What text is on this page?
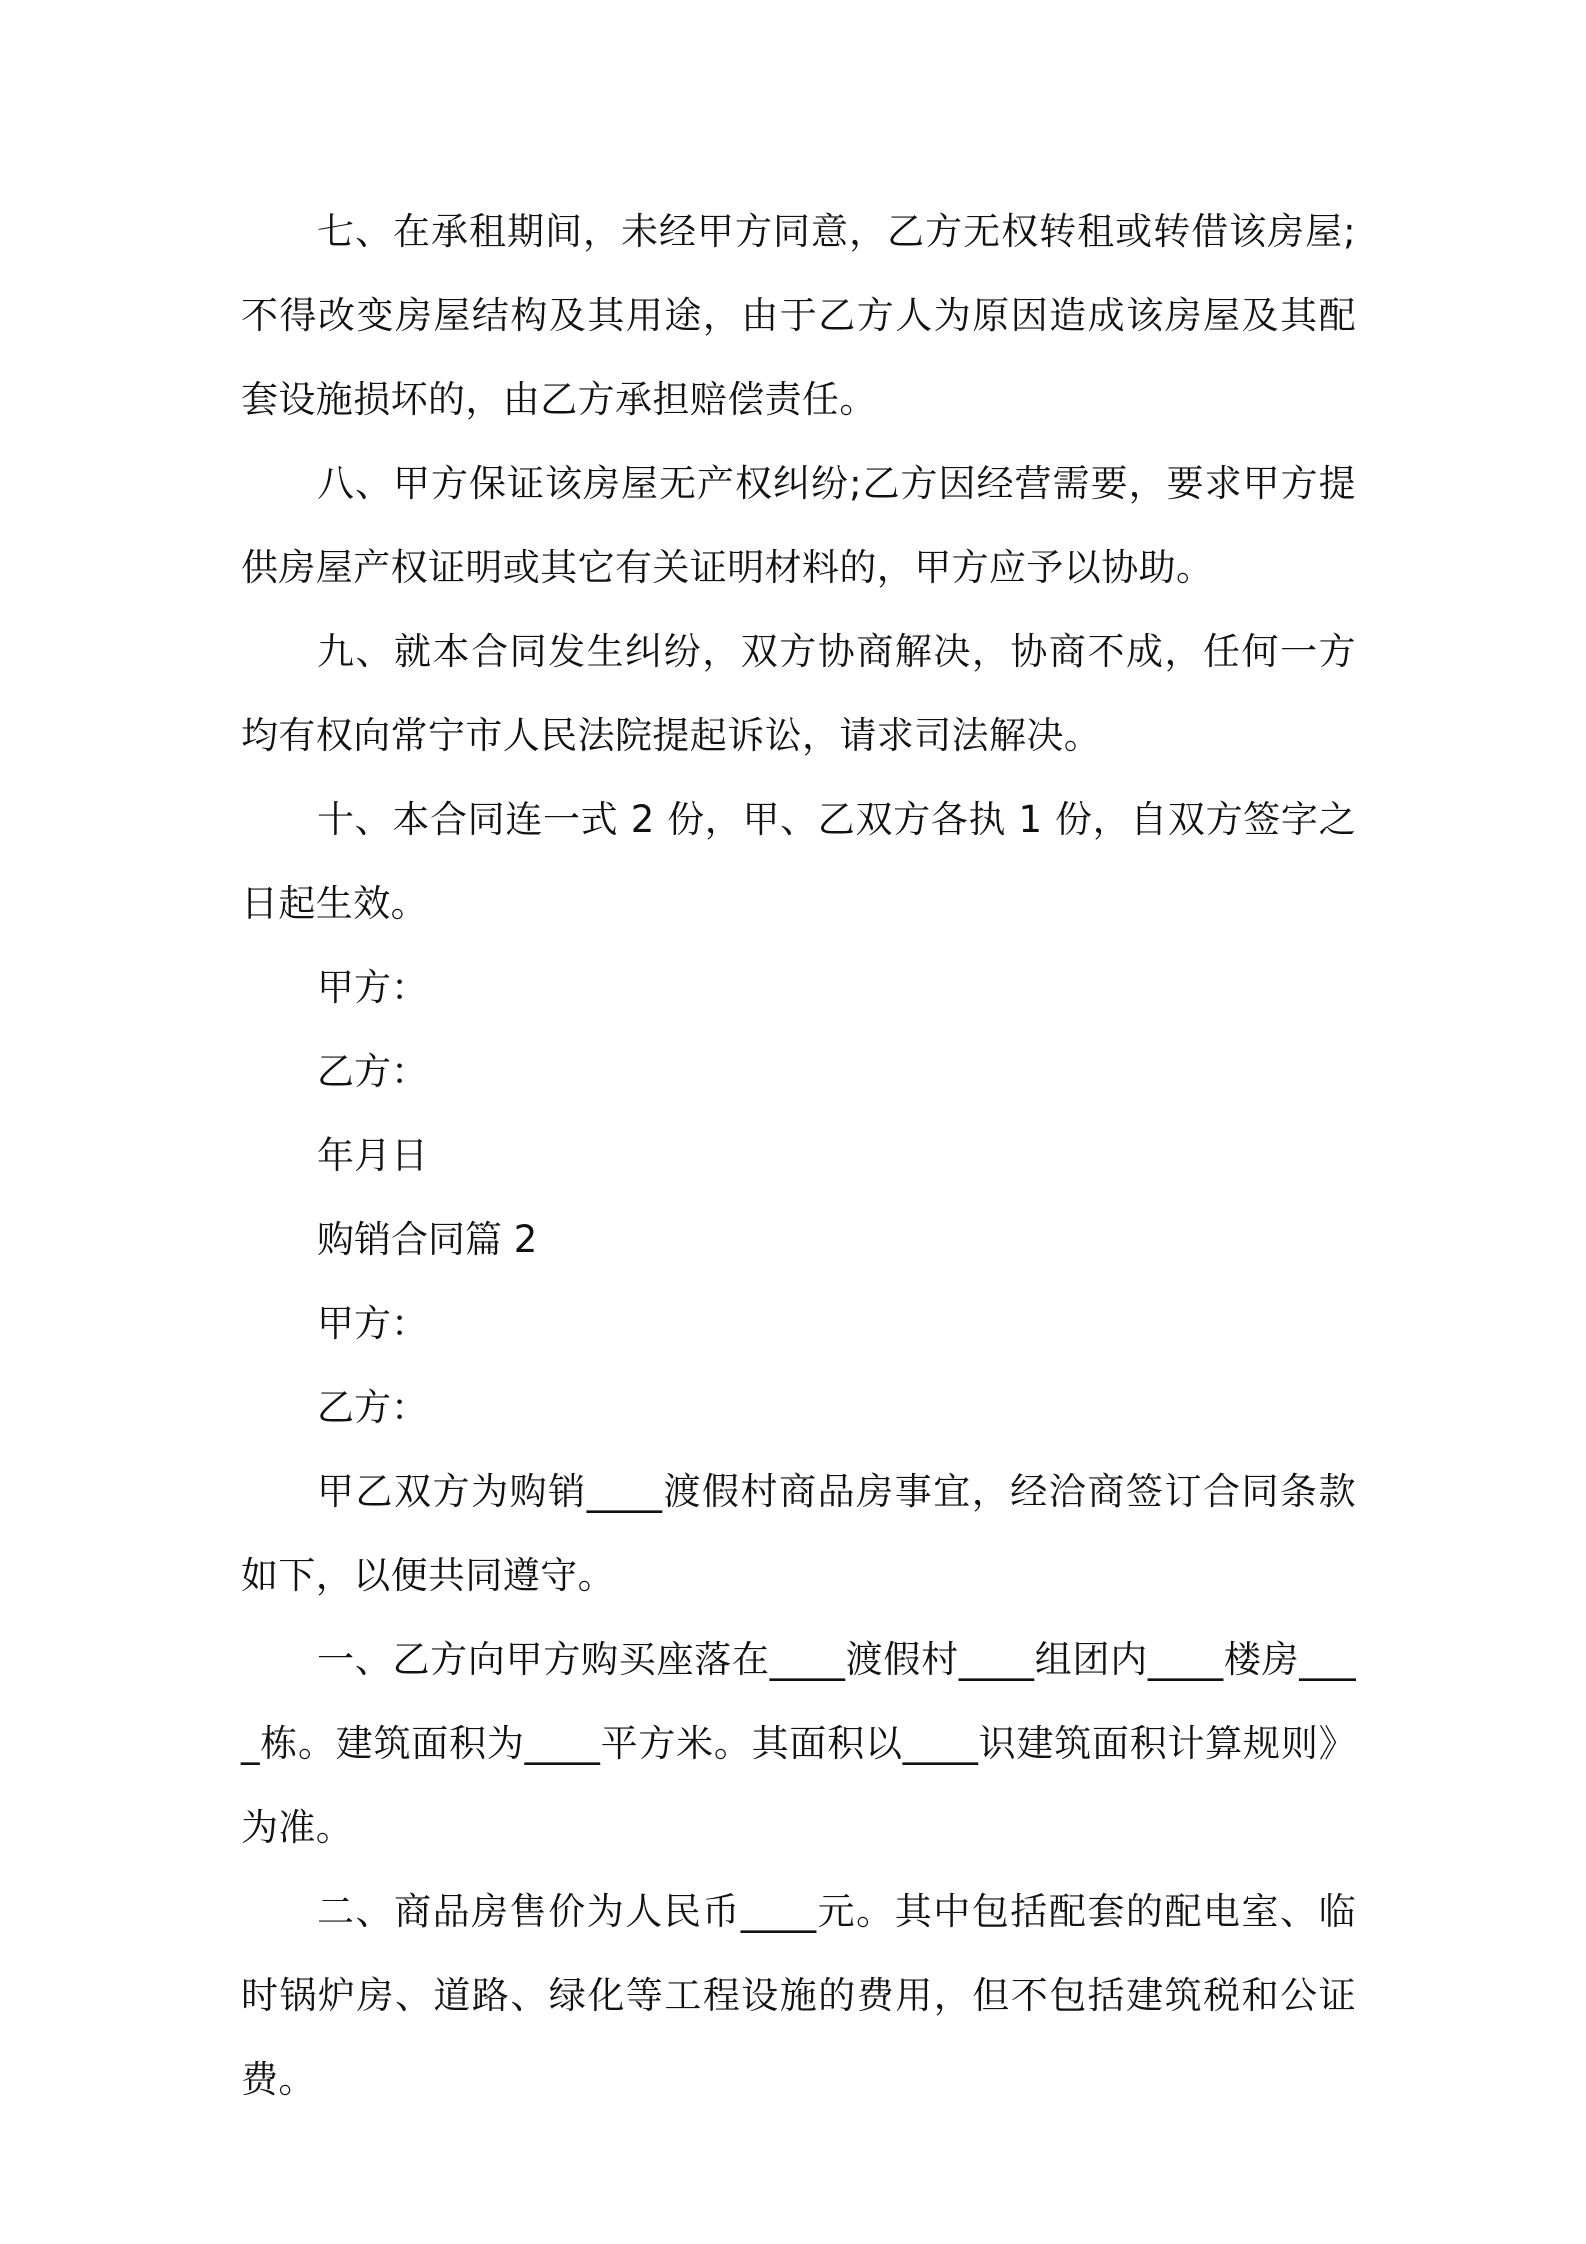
七、在承租期间，未经甲方同意，乙方无权转租或转借该房屋;不得改变房屋结构及其用途，由于乙方人为原因造成该房屋及其配套设施损坏的，由乙方承担赔偿责任。

八、甲方保证该房屋无产权纠纷;乙方因经营需要，要求甲方提供房屋产权证明或其它有关证明材料的，甲方应予以协助。

九、就本合同发生纠纷，双方协商解决，协商不成，任何一方均有权向常宁市人民法院提起诉讼，请求司法解决。

十、本合同连一式 2 份，甲、乙双方各执 1 份，自双方签字之日起生效。

甲方：

乙方：

年月日

购销合同篇 2

甲方：

乙方：

甲乙双方为购销____渡假村商品房事宜，经洽商签订合同条款如下，以便共同遵守。

一、乙方向甲方购买座落在____渡假村____组团内____楼房____栋。建筑面积为____平方米。其面积以____识建筑面积计算规则》为准。

二、商品房售价为人民币____元。其中包括配套的配电室、临时锅炉房、道路、绿化等工程设施的费用，但不包括建筑税和公证费。
